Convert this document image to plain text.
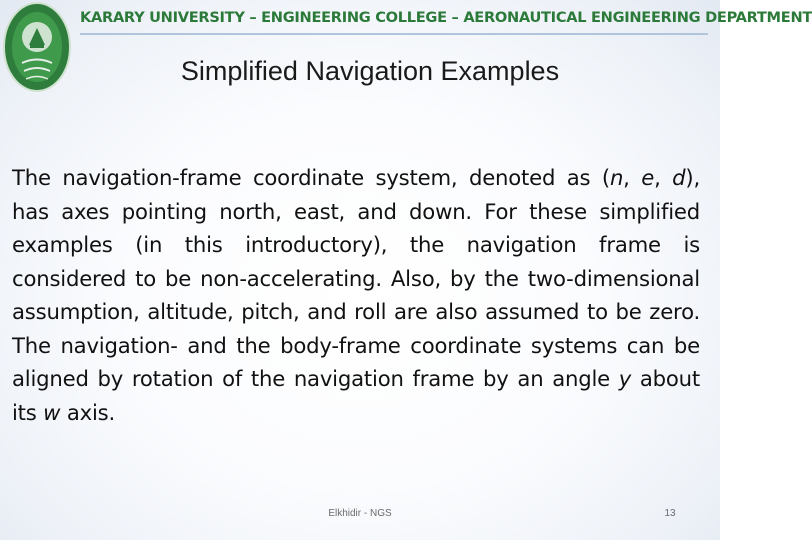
KARARY UNIVERSITY – ENGINEERING COLLEGE – AERONAUTICAL ENGINEERING DEPARTMENT
Simplified Navigation Examples
The navigation-frame coordinate system, denoted as (n, e, d), has axes pointing north, east, and down. For these simplified examples (in this introductory), the navigation frame is considered to be non-accelerating. Also, by the two-dimensional assumption, altitude, pitch, and roll are also assumed to be zero. The navigation- and the body-frame coordinate systems can be aligned by rotation of the navigation frame by an angle y about its w axis.
Elkhidir - NGS	13
